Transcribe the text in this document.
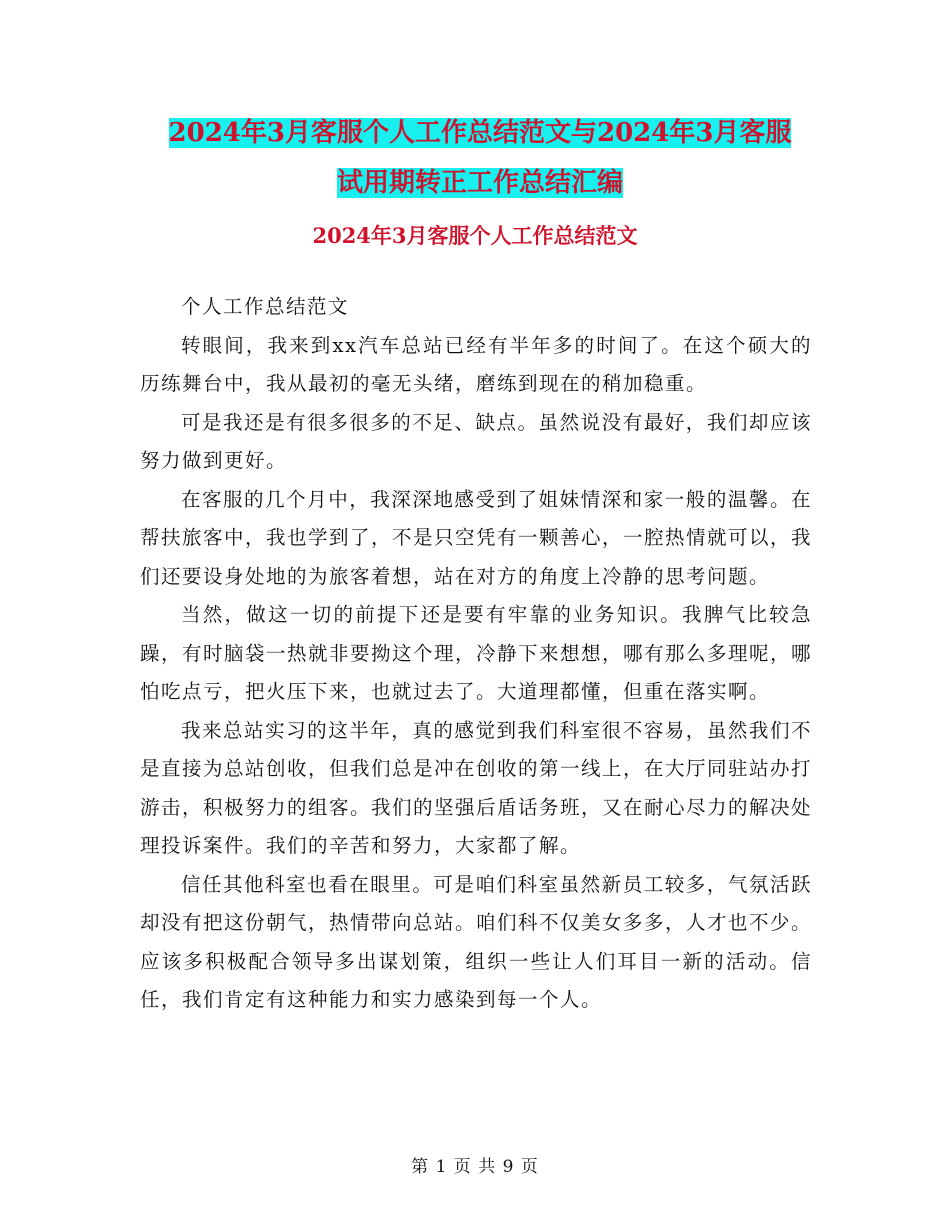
2024年3月客服个人工作总结范文与2024年3月客服
试用期转正工作总结汇编
2024年3月客服个人工作总结范文

个人工作总结范文

转眼间，我来到xx汽车总站已经有半年多的时间了。在这个硕大的历练舞台中，我从最初的毫无头绪，磨练到现在的稍加稳重。

可是我还是有很多很多的不足、缺点。虽然说没有最好，我们却应该努力做到更好。

在客服的几个月中，我深深地感受到了姐妹情深和家一般的温馨。在帮扶旅客中，我也学到了，不是只空凭有一颗善心，一腔热情就可以，我们还要设身处地的为旅客着想，站在对方的角度上冷静的思考问题。

当然，做这一切的前提下还是要有牢靠的业务知识。我脾气比较急躁，有时脑袋一热就非要拗这个理，冷静下来想想，哪有那么多理呢，哪怕吃点亏，把火压下来，也就过去了。大道理都懂，但重在落实啊。

我来总站实习的这半年，真的感觉到我们科室很不容易，虽然我们不是直接为总站创收，但我们总是冲在创收的第一线上，在大厅同驻站办打游击，积极努力的组客。我们的坚强后盾话务班，又在耐心尽力的解决处理投诉案件。我们的辛苦和努力，大家都了解。

信任其他科室也看在眼里。可是咱们科室虽然新员工较多，气氛活跃却没有把这份朝气，热情带向总站。咱们科不仅美女多多，人才也不少。应该多积极配合领导多出谋划策，组织一些让人们耳目一新的活动。信任，我们肯定有这种能力和实力感染到每一个人。

第 1 页 共 9 页
